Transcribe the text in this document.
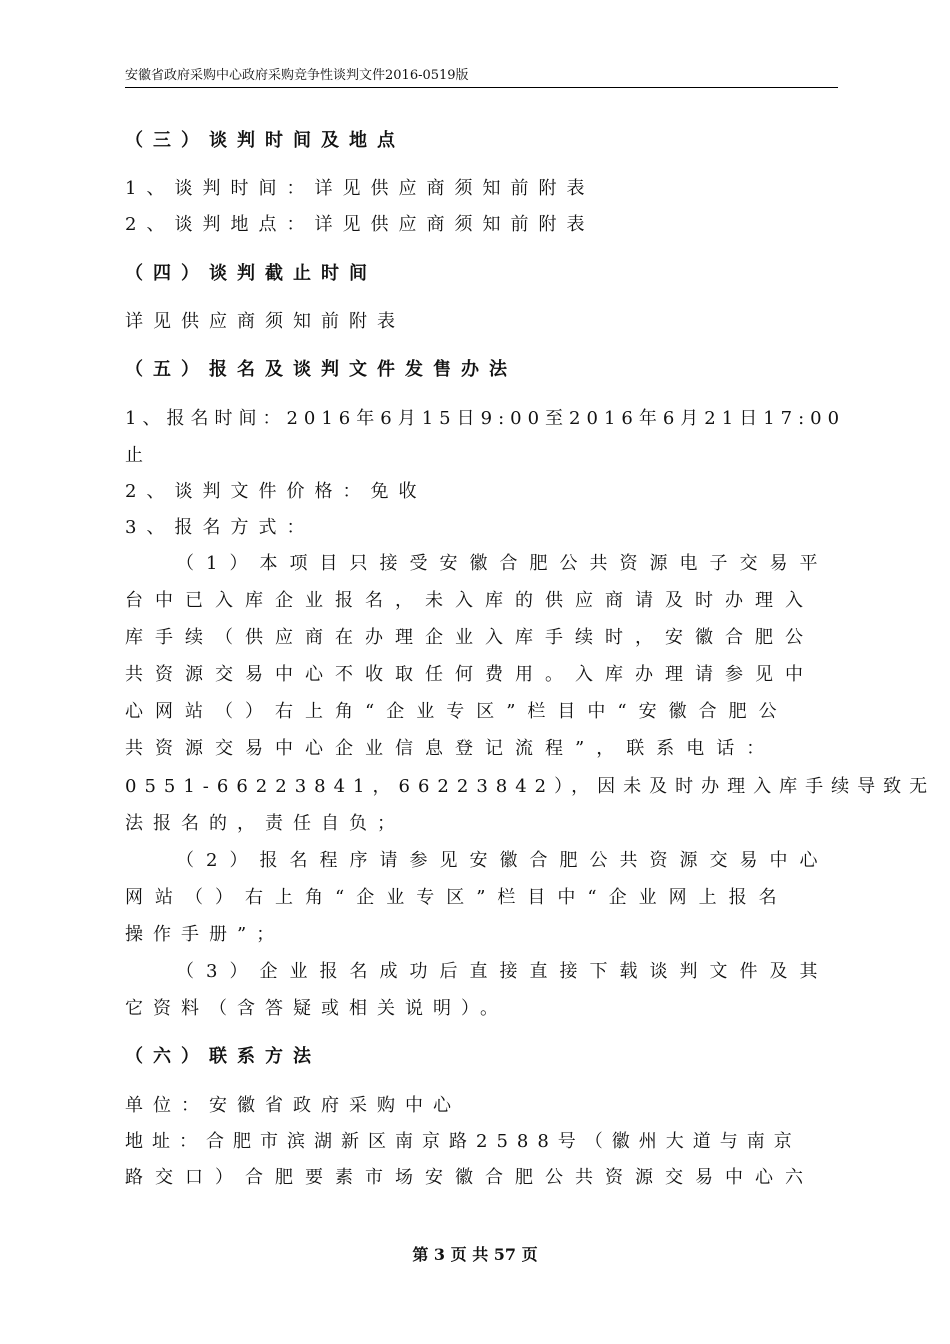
安徽省政府采购中心政府采购竞争性谈判文件2016-0519版
（三）谈判时间及地点
1、谈判时间：详见供应商须知前附表
2、谈判地点：详见供应商须知前附表
（四）谈判截止时间
详见供应商须知前附表
（五）报名及谈判文件发售办法
1、报名时间：2016年6月15日9:00至2016年6月21日17:00
止
2、谈判文件价格：免收
3、报名方式：
（1）本项目只接受安徽合肥公共资源电子交易平
台中已入库企业报名，未入库的供应商请及时办理入
库手续（供应商在办理企业入库手续时，安徽合肥公
共资源交易中心不收取任何费用。入库办理请参见中
心网站（）右上角“企业专区”栏目中“安徽合肥公
共资源交易中心企业信息登记流程”，联系电话：
0551-66223841，66223842），因未及时办理入库手续导致无
法报名的，责任自负；
（2）报名程序请参见安徽合肥公共资源交易中心
网站（）右上角“企业专区”栏目中“企业网上报名
操作手册”；
（3）企业报名成功后直接直接下载谈判文件及其
它资料（含答疑或相关说明）。
（六）联系方法
单位：安徽省政府采购中心
地址：合肥市滨湖新区南京路2588号（徽州大道与南京
路交口）合肥要素市场安徽合肥公共资源交易中心六
第 3 页 共 57 页
